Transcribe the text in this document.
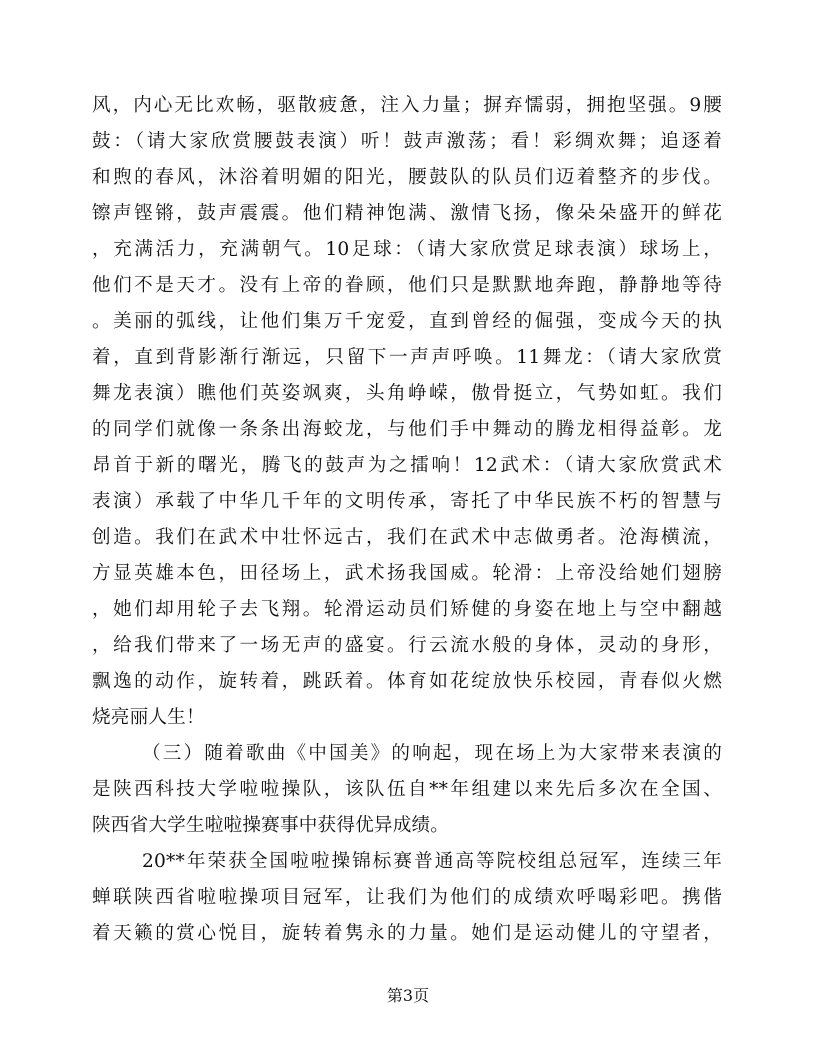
风，内心无比欢畅，驱散疲惫，注入力量；摒弃懦弱，拥抱坚强。9腰
鼓：（请大家欣赏腰鼓表演）听！鼓声激荡；看！彩绸欢舞；追逐着
和煦的春风，沐浴着明媚的阳光，腰鼓队的队员们迈着整齐的步伐。
镲声铿锵，鼓声震震。他们精神饱满、激情飞扬，像朵朵盛开的鲜花
，充满活力，充满朝气。10足球：（请大家欣赏足球表演）球场上，
他们不是天才。没有上帝的眷顾，他们只是默默地奔跑，静静地等待
。美丽的弧线，让他们集万千宠爱，直到曾经的倔强，变成今天的执
着，直到背影渐行渐远，只留下一声声呼唤。11舞龙：（请大家欣赏
舞龙表演）瞧他们英姿飒爽，头角峥嵘，傲骨挺立，气势如虹。我们
的同学们就像一条条出海蛟龙，与他们手中舞动的腾龙相得益彰。龙
昂首于新的曙光，腾飞的鼓声为之擂响！12武术：（请大家欣赏武术
表演）承载了中华几千年的文明传承，寄托了中华民族不朽的智慧与
创造。我们在武术中壮怀远古，我们在武术中志做勇者。沧海横流，
方显英雄本色，田径场上，武术扬我国威。轮滑：上帝没给她们翅膀
，她们却用轮子去飞翔。轮滑运动员们矫健的身姿在地上与空中翻越
，给我们带来了一场无声的盛宴。行云流水般的身体，灵动的身形，
飘逸的动作，旋转着，跳跃着。体育如花绽放快乐校园，青春似火燃
烧亮丽人生！
（三）随着歌曲《中国美》的响起，现在场上为大家带来表演的
是陕西科技大学啦啦操队，该队伍自**年组建以来先后多次在全国、
陕西省大学生啦啦操赛事中获得优异成绩。
20**年荣获全国啦啦操锦标赛普通高等院校组总冠军，连续三年
蝉联陕西省啦啦操项目冠军，让我们为他们的成绩欢呼喝彩吧。携偕
着天籁的赏心悦目，旋转着隽永的力量。她们是运动健儿的守望者，
第3页
